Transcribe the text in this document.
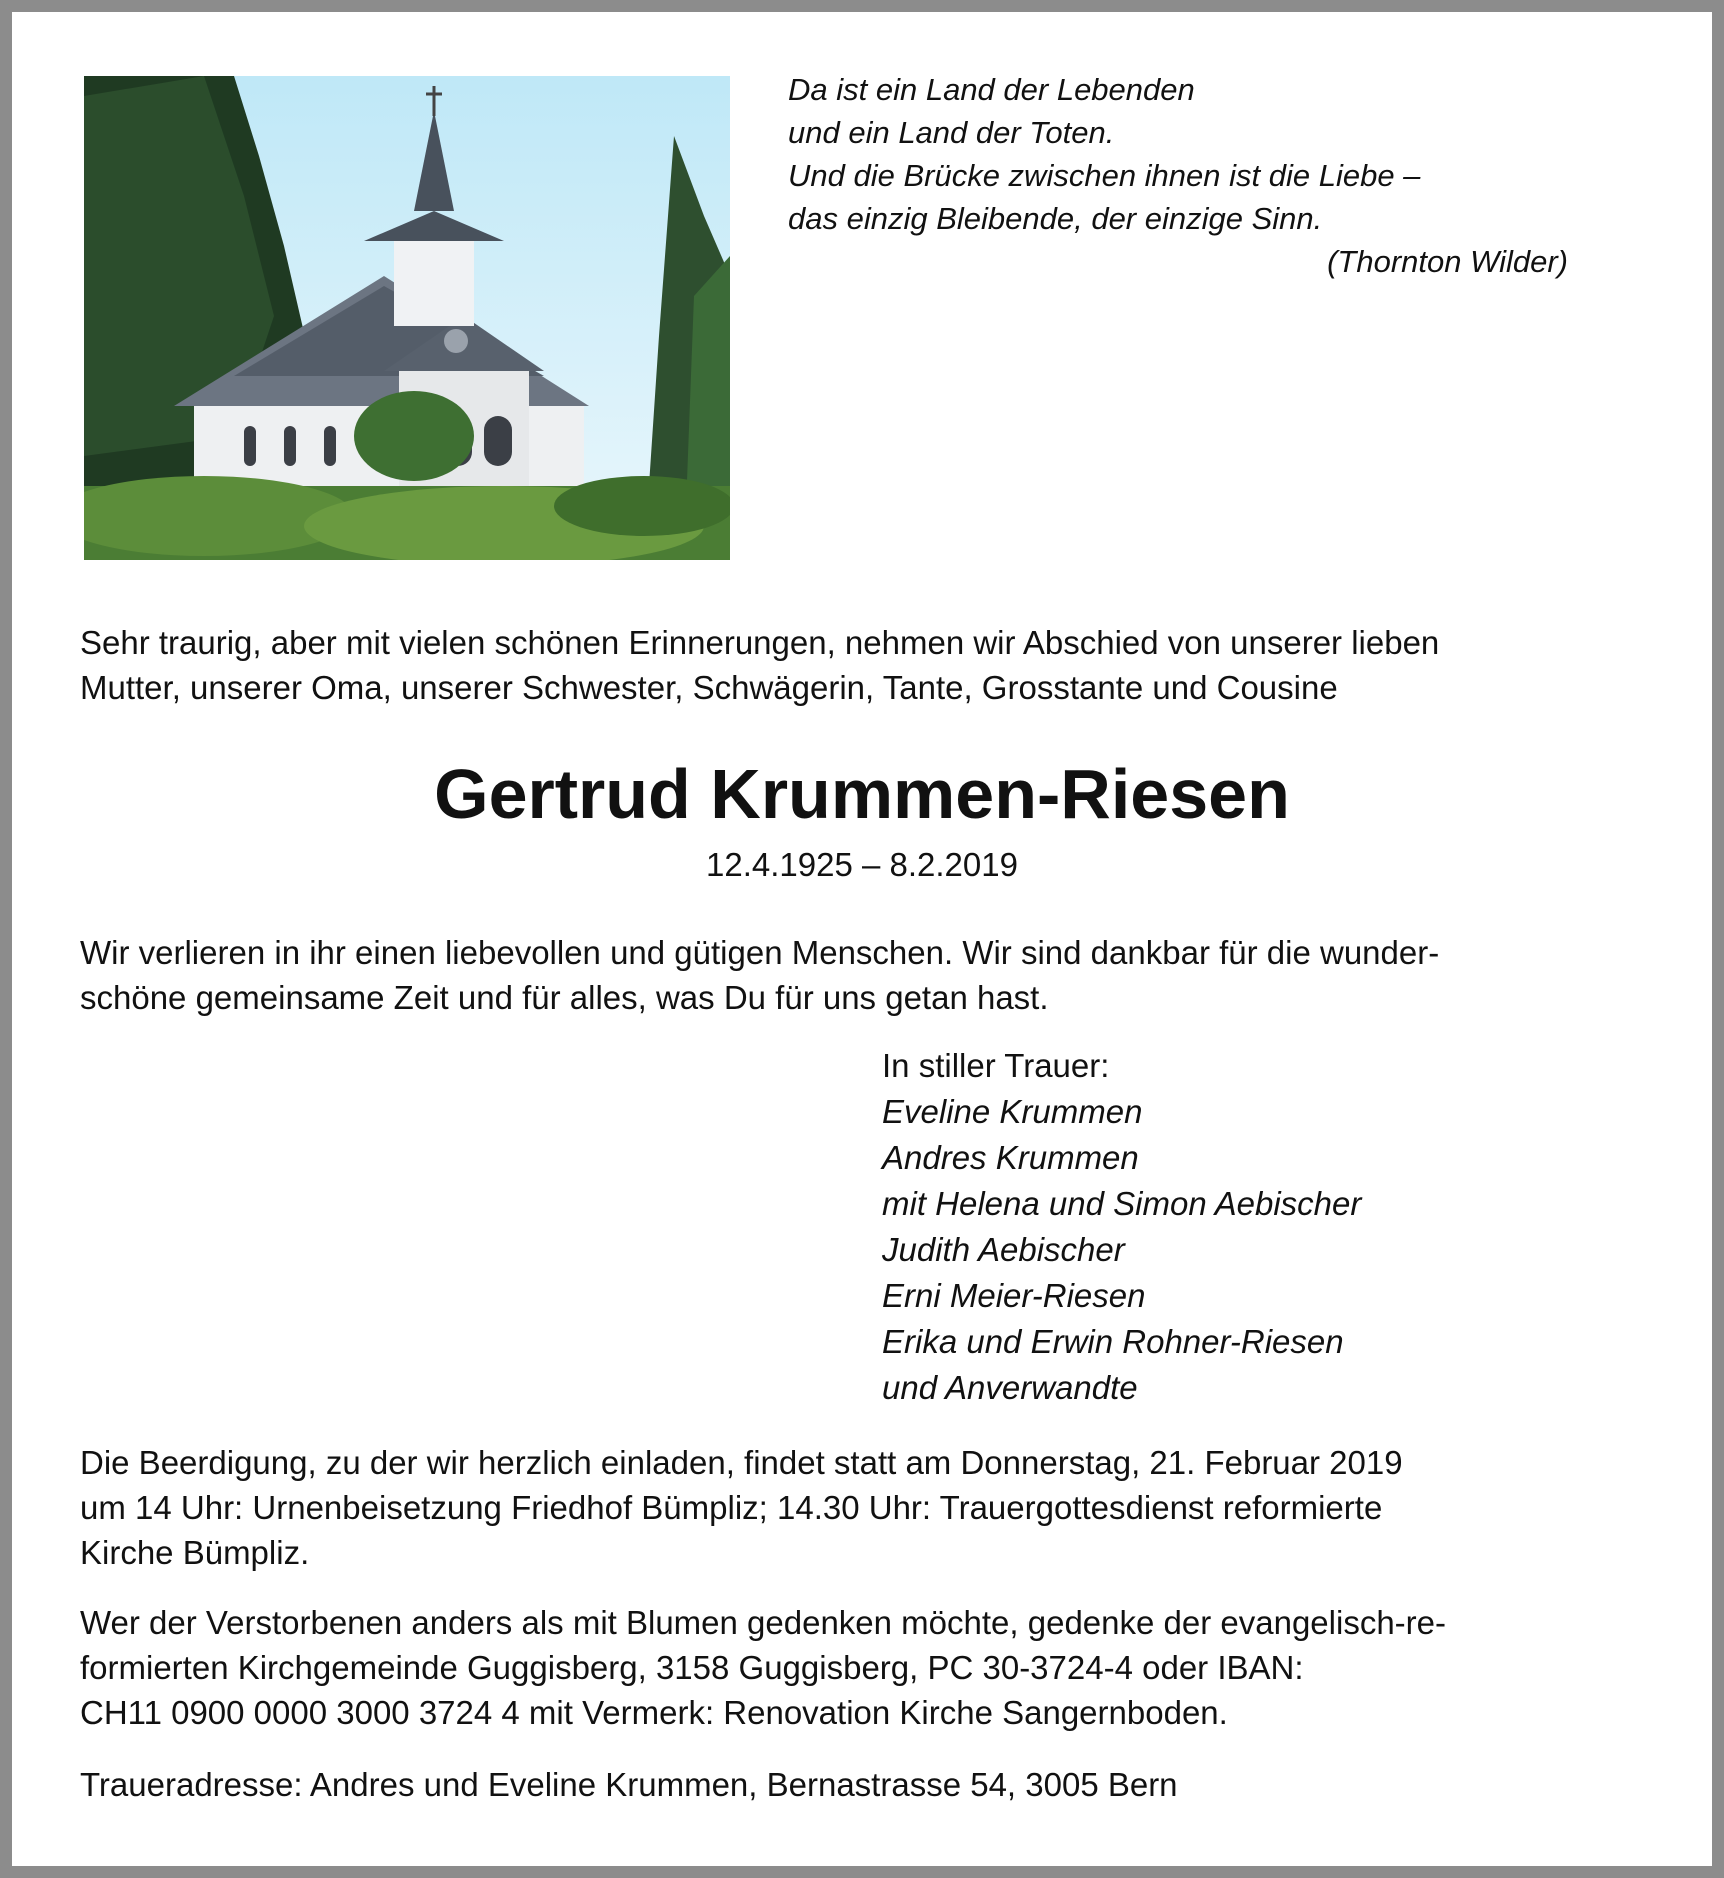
Da ist ein Land der Lebenden
und ein Land der Toten.
Und die Brücke zwischen ihnen ist die Liebe –
das einzig Bleibende, der einzige Sinn.
(Thornton Wilder)

Sehr traurig, aber mit vielen schönen Erinnerungen, nehmen wir Abschied von unserer lieben
Mutter, unserer Oma, unserer Schwester, Schwägerin, Tante, Grosstante und Cousine

Gertrud Krummen-Riesen

12.4.1925 – 8.2.2019

Wir verlieren in ihr einen liebevollen und gütigen Menschen. Wir sind dankbar für die wunder-
schöne gemeinsame Zeit und für alles, was Du für uns getan hast.

In stiller Trauer:
Eveline Krummen
Andres Krummen
mit Helena und Simon Aebischer
Judith Aebischer
Erni Meier-Riesen
Erika und Erwin Rohner-Riesen
und Anverwandte

Die Beerdigung, zu der wir herzlich einladen, findet statt am Donnerstag, 21. Februar 2019
um 14 Uhr: Urnenbeisetzung Friedhof Bümpliz; 14.30 Uhr: Trauergottesdienst reformierte
Kirche Bümpliz.

Wer der Verstorbenen anders als mit Blumen gedenken möchte, gedenke der evangelisch-re-
formierten Kirchgemeinde Guggisberg, 3158 Guggisberg, PC 30-3724-4 oder IBAN:
CH11 0900 0000 3000 3724 4 mit Vermerk: Renovation Kirche Sangernboden.

Traueradresse: Andres und Eveline Krummen, Bernastrasse 54, 3005 Bern
